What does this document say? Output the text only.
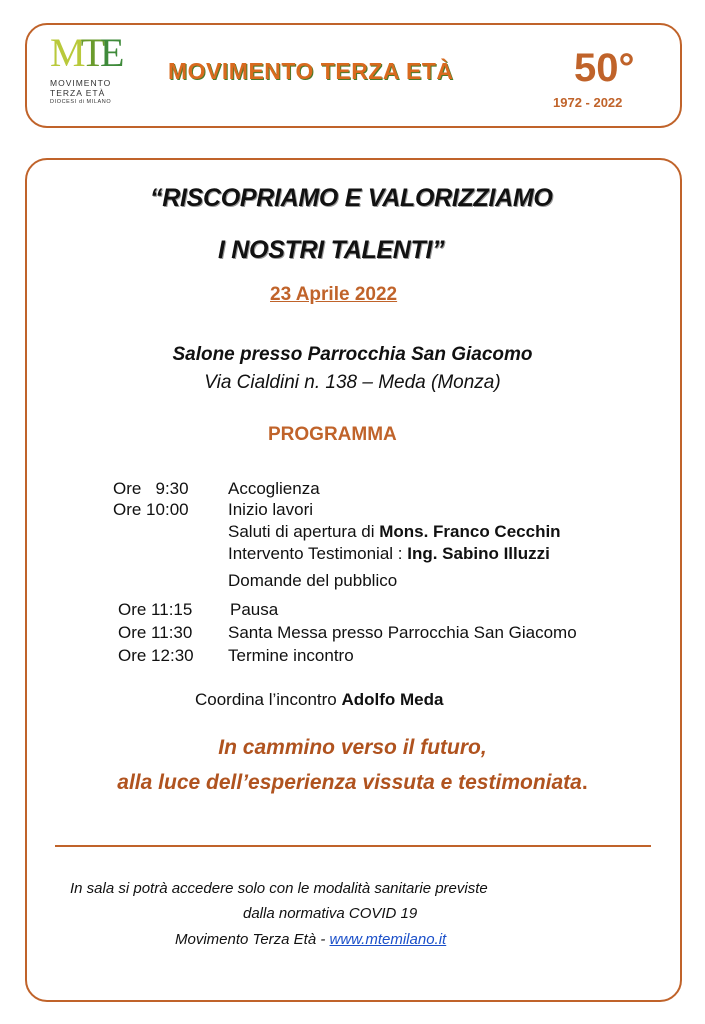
MTE
MOVIMENTO
TERZA ETÀ
DIOCESI di MILANO
MOVIMENTO TERZA ETÀ	50°
1972 - 2022
“RISCOPRIAMO E VALORIZZIAMO
I NOSTRI TALENTI”
23 Aprile 2022
Salone presso Parrocchia San Giacomo
Via Cialdini n. 138 – Meda (Monza)
PROGRAMMA
Ore   9:30 Accoglienza
Ore 10:00 Inizio lavori
Saluti di apertura di Mons. Franco Cecchin
Intervento Testimonial : Ing. Sabino Illuzzi
Domande del pubblico
Ore 11:15 Pausa
Ore 11:30 Santa Messa presso Parrocchia San Giacomo
Ore 12:30 Termine incontro
Coordina l’incontro Adolfo Meda
In cammino verso il futuro,
alla luce dell’esperienza vissuta e testimoniata.
In sala si potrà accedere solo con le modalità sanitarie previste
dalla normativa COVID 19
Movimento Terza Età - www.mtemilano.it
